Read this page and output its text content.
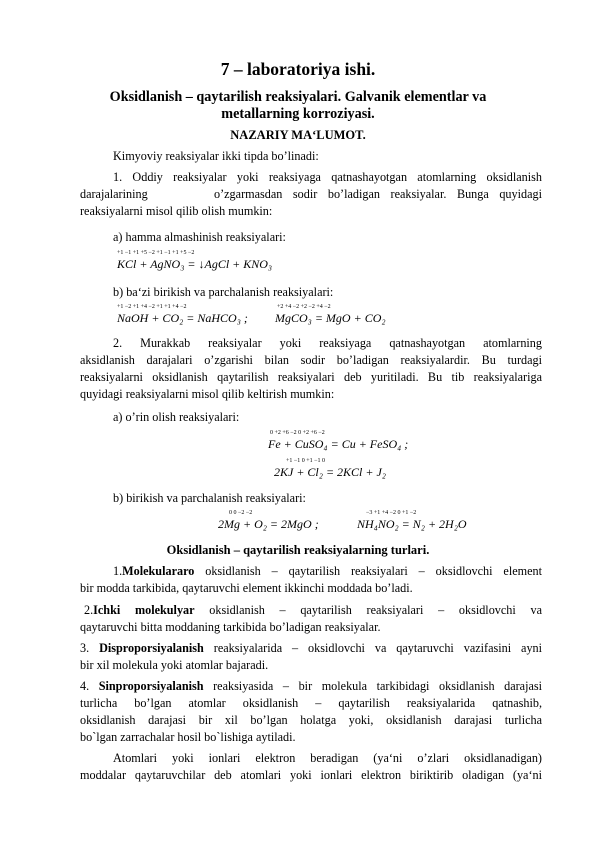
7 – laboratoriya ishi.
Oksidlanish – qaytarilish reaksiyalari. Galvanik elementlar va
metallarning korroziyasi.
NAZARIY MA‘LUMOT.
Kimyoviy reaksiyalar ikki tipda bo’linadi:
1. Oddiy reaksiyalar yoki reaksiyaga qatnashayotgan atomlarning oksidlanish
darajalarining	o’zgarmasdan sodir bo’ladigan reaksiyalar. Bunga quyidagi
reaksiyalarni misol qilib olish mumkin:
a) hamma almashinish reaksiyalari:
+1 −1 +1 +5 −2 +1 −1 +1 +5 −2
KCl + AgNO₃ = ↓AgCl + KNO₃
b) ba‘zi birikish va parchalanish reaksiyalari:
+1 −2 +1 +4 −2 +1 +1 +4 −2
NaOH + CO₂ = NaHCO₃ ;
+2 +4 −2 +2 −2 +4 −2
MgCO₃ = MgO + CO₂
2. Murakkab reaksiyalar yoki reaksiyaga qatnashayotgan atomlarning
aksidlanish darajalari o’zgarishi bilan sodir bo’ladigan reaksiyalardir. Bu turdagi
reaksiyalarni oksidlanish qaytarilish reaksiyalari deb yuritiladi. Bu tib reaksiyalariga
quyidagi reaksiyalarni misol qilib keltirish mumkin:
a) o’rin olish reaksiyalari:
0 +2 +6 −2 0 +2 +6 −2
Fe + CuSO₄ = Cu + FeSO₄ ;
+1 −1 0 +1 −1 0
2KJ + Cl₂ = 2KCl + J₂
b) birikish va parchalanish reaksiyalari:
0 0 −2 −2
2Mg + O₂ = 2MgO ;
−3 +1 +4 −2 0 +1 −2
NH₄NO₂ = N₂ + 2H₂O
Oksidlanish – qaytarilish reaksiyalarning turlari.
1.Molekulararo oksidlanish – qaytarilish reaksiyalari – oksidlovchi element
bir modda tarkibida, qaytaruvchi element ikkinchi moddada bo’ladi.
2.Ichki molekulyar oksidlanish – qaytarilish reaksiyalari – oksidlovchi va
qaytaruvchi bitta moddaning tarkibida bo’ladigan reaksiyalar.
3. Disproporsiyalanish reaksiyalarida – oksidlovchi va qaytaruvchi vazifasini ayni
bir xil molekula yoki atomlar bajaradi.
4. Sinproporsiyalanish reaksiyasida – bir molekula tarkibidagi oksidlanish darajasi
turlicha bo’lgan atomlar oksidlanish – qaytarilish reaksiyalarida qatnashib,
oksidlanish darajasi bir xil bo’lgan holatga yoki, oksidlanish darajasi turlicha
bo`lgan zarrachalar hosil bo`lishiga aytiladi.
Atomlari yoki ionlari elektron beradigan (ya‘ni o’zlari oksidlanadigan)
moddalar qaytaruvchilar deb atomlari yoki ionlari elektron biriktirib oladigan (ya‘ni
